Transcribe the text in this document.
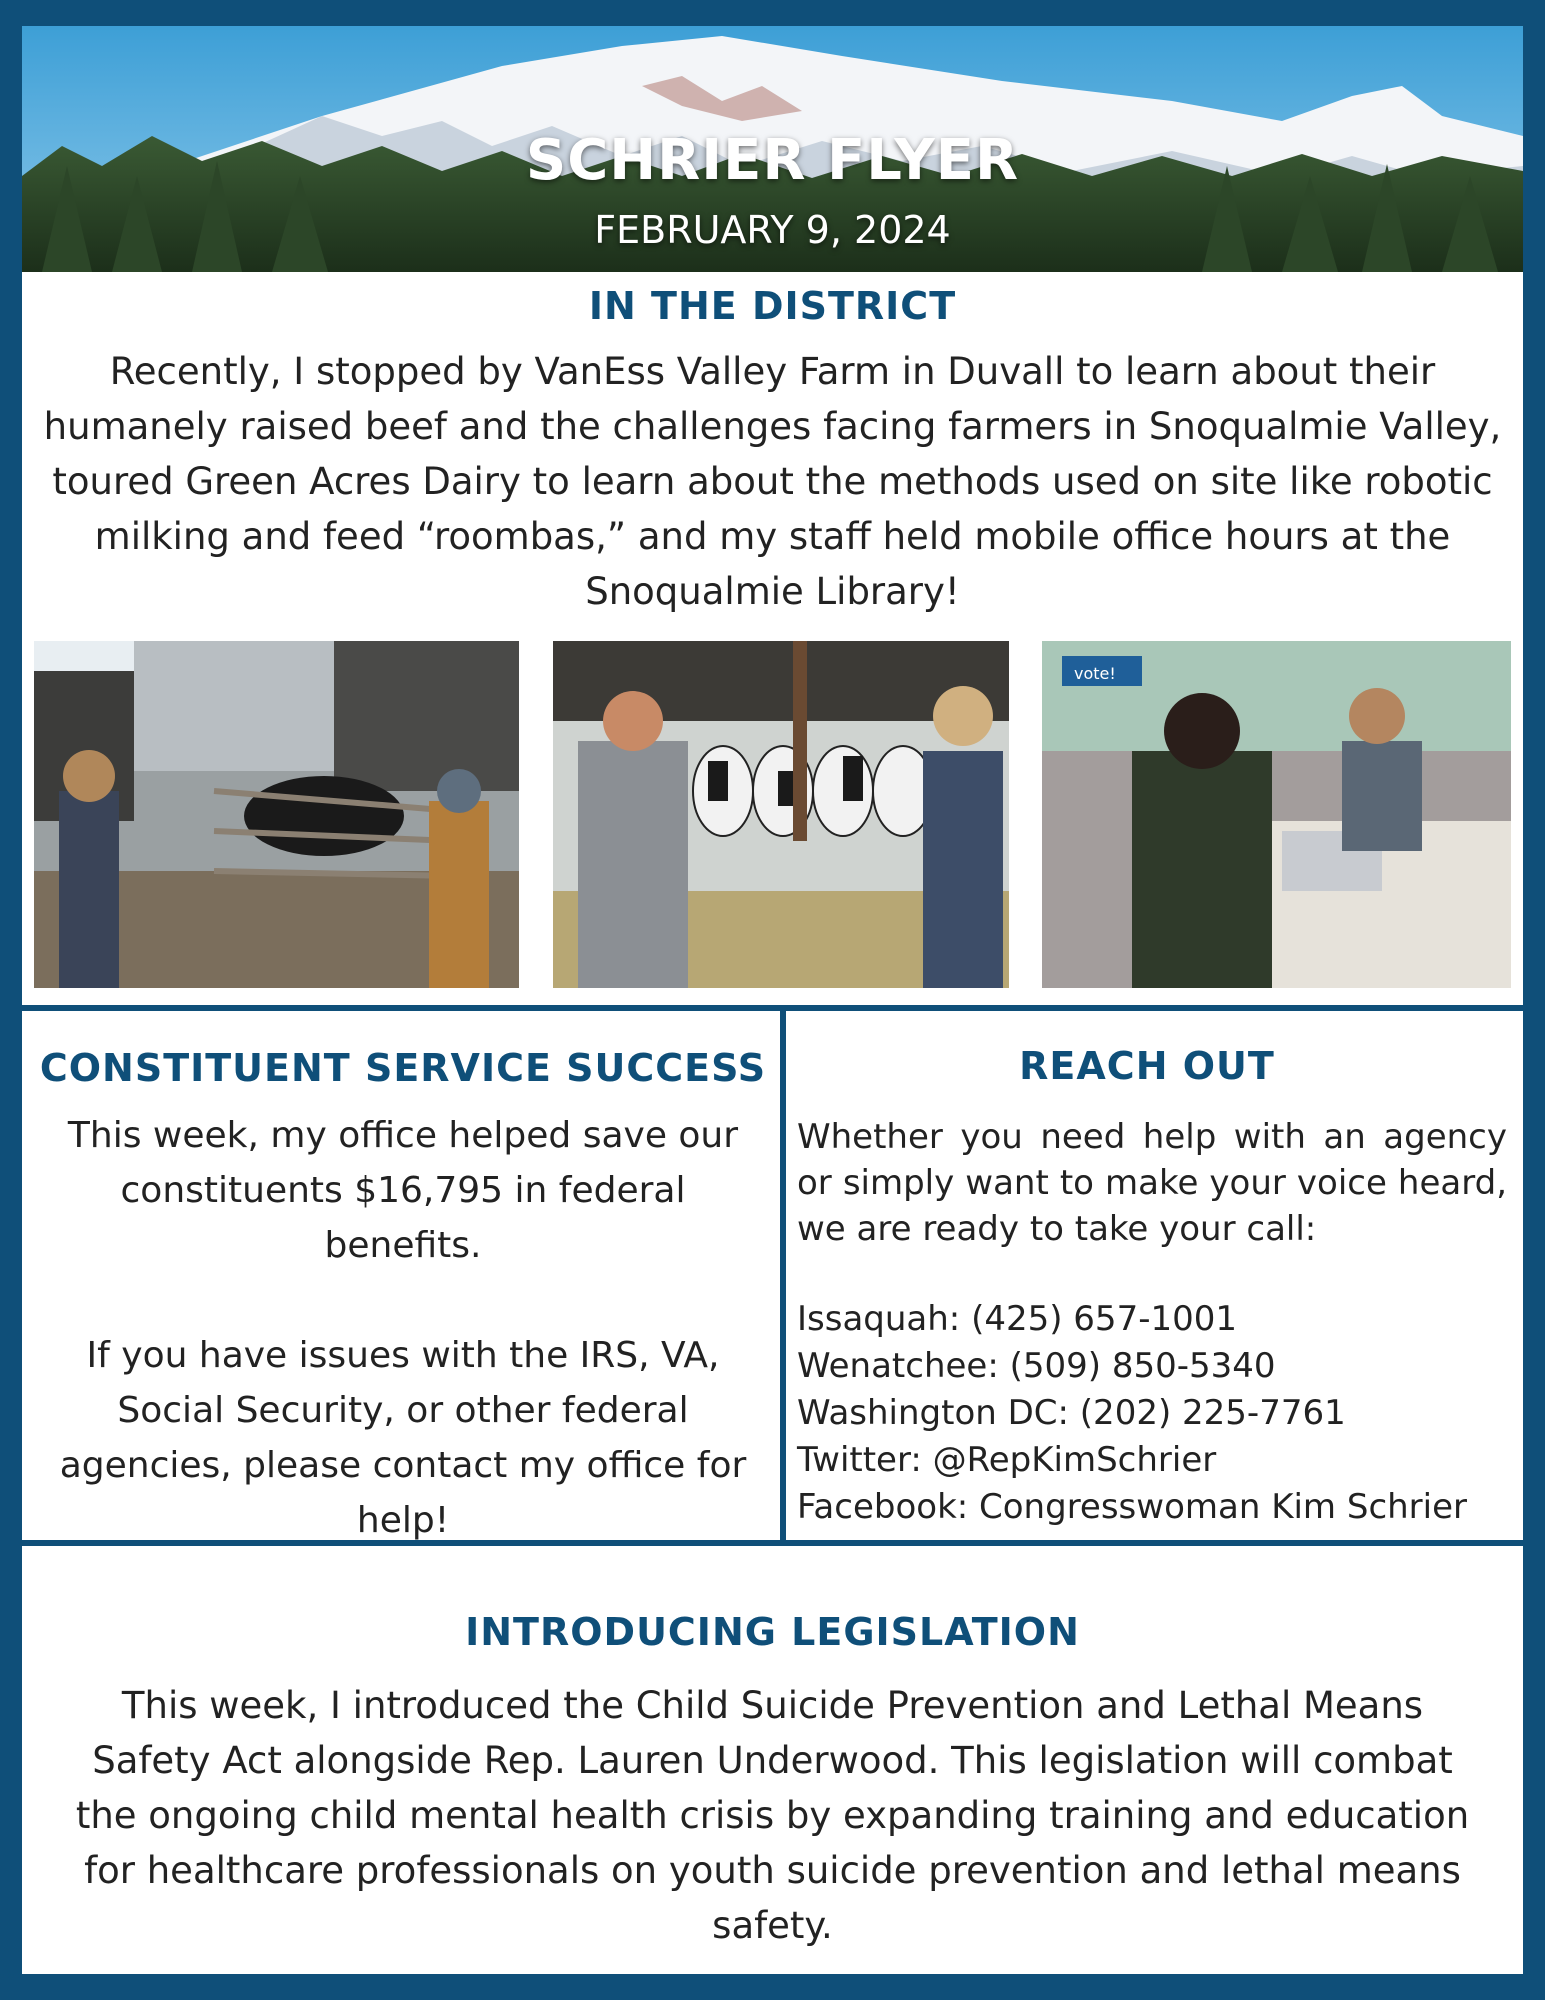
SCHRIER FLYER
FEBRUARY 9, 2024
IN THE DISTRICT

Recently, I stopped by VanEss Valley Farm in Duvall to learn about their humanely raised beef and the challenges facing farmers in Snoqualmie Valley, toured Green Acres Dairy to learn about the methods used on site like robotic milking and feed “roombas,” and my staff held mobile office hours at the Snoqualmie Library!

vote!
CONSTITUENT SERVICE SUCCESS

This week, my office helped save our constituents $16,795 in federal benefits.

If you have issues with the IRS, VA, Social Security, or other federal agencies, please contact my office for help!

REACH OUT

Whether you need help with an agency or simply want to make your voice heard, we are ready to take your call:

Issaquah: (425) 657-1001
Wenatchee: (509) 850-5340
Washington DC: (202) 225-7761
Twitter: @RepKimSchrier
Facebook: Congresswoman Kim Schrier
INTRODUCING LEGISLATION

This week, I introduced the Child Suicide Prevention and Lethal Means Safety Act alongside Rep. Lauren Underwood. This legislation will combat the ongoing child mental health crisis by expanding training and education for healthcare professionals on youth suicide prevention and lethal means safety.
